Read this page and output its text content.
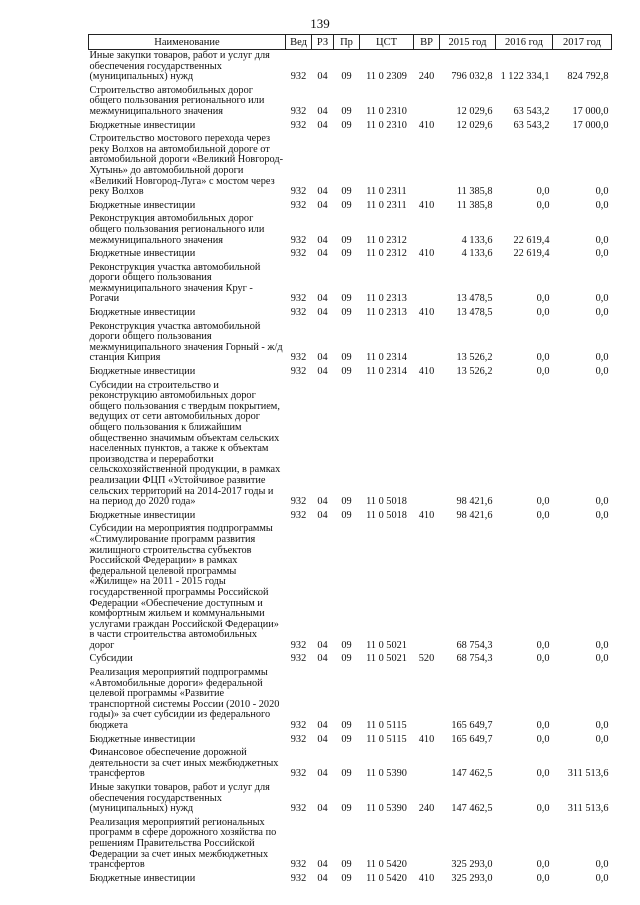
139
Наименование	Вед	РЗ	Пр	ЦСТ	ВР	2015 год	2016 год	2017 год
Иные закупки товаров, работ и услуг для обеспечения государственных (муниципальных) нужд	932	04	09	11 0 2309	240	796 032,8	1 122 334,1	824 792,8
Строительство автомобильных дорог общего пользования регионального или межмуниципального значения	932	04	09	11 0 2310		12 029,6	63 543,2	17 000,0
Бюджетные инвестиции	932	04	09	11 0 2310	410	12 029,6	63 543,2	17 000,0
Строительство мостового перехода через реку Волхов на автомобильной дороге от автомобильной дороги «Великий Новгород-Хутынь» до автомобильной дороги «Великий Новгород-Луга» с мостом через реку Волхов	932	04	09	11 0 2311		11 385,8	0,0	0,0
Бюджетные инвестиции	932	04	09	11 0 2311	410	11 385,8	0,0	0,0
Реконструкция автомобильных дорог общего пользования регионального или межмуниципального значения	932	04	09	11 0 2312		4 133,6	22 619,4	0,0
Бюджетные инвестиции	932	04	09	11 0 2312	410	4 133,6	22 619,4	0,0
Реконструкция участка автомобильной дороги общего пользования межмуниципального значения Круг - Рогачи	932	04	09	11 0 2313		13 478,5	0,0	0,0
Бюджетные инвестиции	932	04	09	11 0 2313	410	13 478,5	0,0	0,0
Реконструкция участка автомобильной дороги общего пользования межмуниципального значения Горный - ж/д станция Киприя	932	04	09	11 0 2314		13 526,2	0,0	0,0
Бюджетные инвестиции	932	04	09	11 0 2314	410	13 526,2	0,0	0,0
Субсидии на строительство и реконструкцию автомобильных дорог общего пользования с твердым покрытием, ведущих от сети автомобильных дорог общего пользования к ближайшим общественно значимым объектам сельских населенных пунктов, а также к объектам производства и переработки сельскохозяйственной продукции, в рамках реализации ФЦП «Устойчивое развитие сельских территорий на 2014-2017 годы и на период до 2020 года»	932	04	09	11 0 5018		98 421,6	0,0	0,0
Бюджетные инвестиции	932	04	09	11 0 5018	410	98 421,6	0,0	0,0
Субсидии на мероприятия подпрограммы «Стимулирование программ развития жилищного строительства субъектов Российской Федерации» в рамках федеральной целевой программы «Жилище» на 2011 - 2015 годы государственной программы Российской Федерации «Обеспечение доступным и комфортным жильем и коммунальными услугами граждан Российской Федерации» в части строительства автомобильных дорог	932	04	09	11 0 5021		68 754,3	0,0	0,0
Субсидии	932	04	09	11 0 5021	520	68 754,3	0,0	0,0
Реализация мероприятий подпрограммы «Автомобильные дороги» федеральной целевой программы «Развитие транспортной системы России (2010 - 2020 годы)» за счет субсидии из федерального бюджета	932	04	09	11 0 5115		165 649,7	0,0	0,0
Бюджетные инвестиции	932	04	09	11 0 5115	410	165 649,7	0,0	0,0
Финансовое обеспечение дорожной деятельности за счет иных межбюджетных трансфертов	932	04	09	11 0 5390		147 462,5	0,0	311 513,6
Иные закупки товаров, работ и услуг для обеспечения государственных (муниципальных) нужд	932	04	09	11 0 5390	240	147 462,5	0,0	311 513,6
Реализация мероприятий региональных программ в сфере дорожного хозяйства по решениям Правительства Российской Федерации за счет иных межбюджетных трансфертов	932	04	09	11 0 5420		325 293,0	0,0	0,0
Бюджетные инвестиции	932	04	09	11 0 5420	410	325 293,0	0,0	0,0
